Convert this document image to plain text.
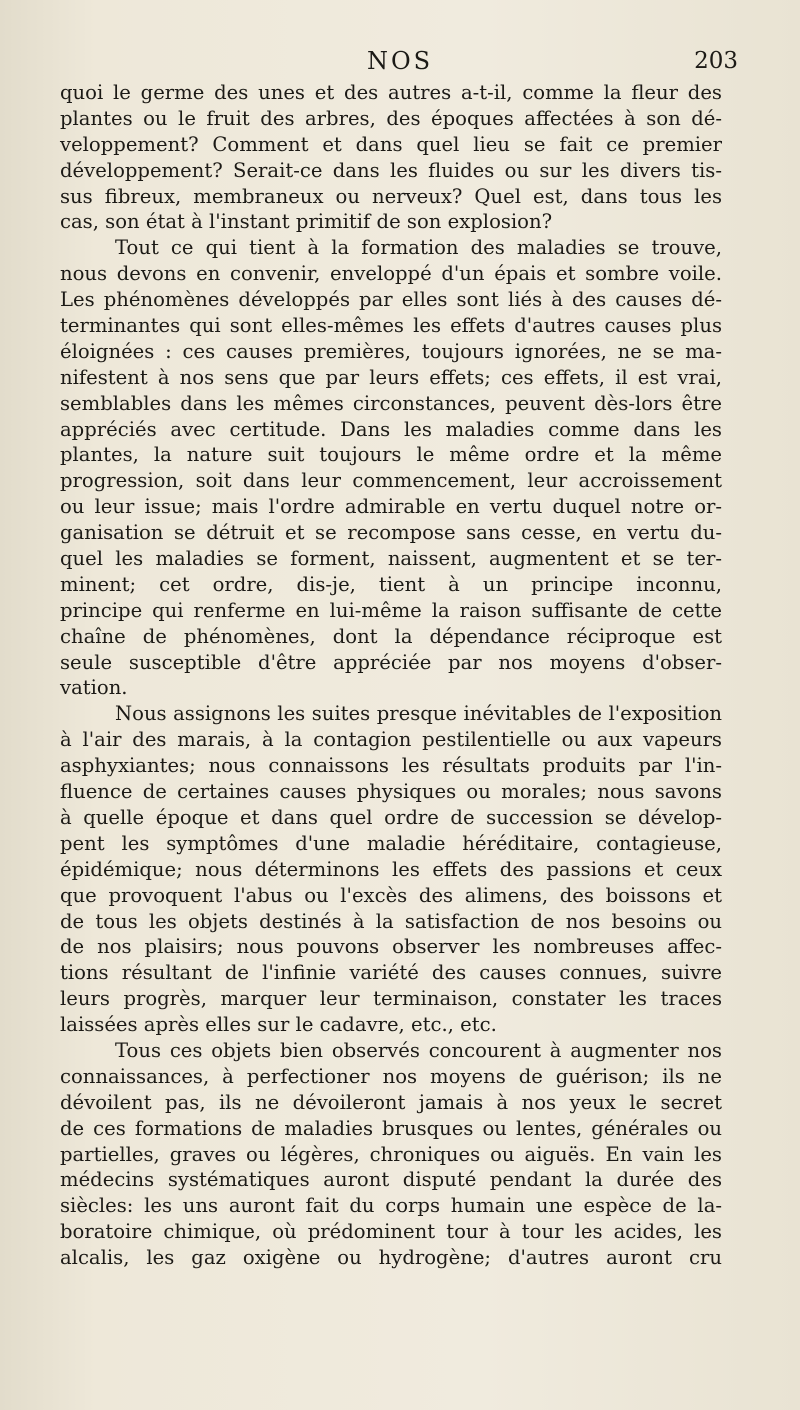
NOS	203
quoi le germe des unes et des autres a-t-il, comme la fleur des
plantes ou le fruit des arbres, des époques affectées à son dé-
veloppement? Comment et dans quel lieu se fait ce premier
développement? Serait-ce dans les fluides ou sur les divers tis-
sus fibreux, membraneux ou nerveux? Quel est, dans tous les
cas, son état à l'instant primitif de son explosion?
Tout ce qui tient à la formation des maladies se trouve,
nous devons en convenir, enveloppé d'un épais et sombre voile.
Les phénomènes développés par elles sont liés à des causes dé-
terminantes qui sont elles-mêmes les effets d'autres causes plus
éloignées : ces causes premières, toujours ignorées, ne se ma-
nifestent à nos sens que par leurs effets; ces effets, il est vrai,
semblables dans les mêmes circonstances, peuvent dès-lors être
appréciés avec certitude. Dans les maladies comme dans les
plantes, la nature suit toujours le même ordre et la même
progression, soit dans leur commencement, leur accroissement
ou leur issue; mais l'ordre admirable en vertu duquel notre or-
ganisation se détruit et se recompose sans cesse, en vertu du-
quel les maladies se forment, naissent, augmentent et se ter-
minent; cet ordre, dis-je, tient à un principe inconnu,
principe qui renferme en lui-même la raison suffisante de cette
chaîne de phénomènes, dont la dépendance réciproque est
seule susceptible d'être appréciée par nos moyens d'obser-
vation.
Nous assignons les suites presque inévitables de l'exposition
à l'air des marais, à la contagion pestilentielle ou aux vapeurs
asphyxiantes; nous connaissons les résultats produits par l'in-
fluence de certaines causes physiques ou morales; nous savons
à quelle époque et dans quel ordre de succession se dévelop-
pent les symptômes d'une maladie héréditaire, contagieuse,
épidémique; nous déterminons les effets des passions et ceux
que provoquent l'abus ou l'excès des alimens, des boissons et
de tous les objets destinés à la satisfaction de nos besoins ou
de nos plaisirs; nous pouvons observer les nombreuses affec-
tions résultant de l'infinie variété des causes connues, suivre
leurs progrès, marquer leur terminaison, constater les traces
laissées après elles sur le cadavre, etc., etc.
Tous ces objets bien observés concourent à augmenter nos
connaissances, à perfectioner nos moyens de guérison; ils ne
dévoilent pas, ils ne dévoileront jamais à nos yeux le secret
de ces formations de maladies brusques ou lentes, générales ou
partielles, graves ou légères, chroniques ou aiguës. En vain les
médecins systématiques auront disputé pendant la durée des
siècles: les uns auront fait du corps humain une espèce de la-
boratoire chimique, où prédominent tour à tour les acides, les
alcalis, les gaz oxigène ou hydrogène; d'autres auront cru
